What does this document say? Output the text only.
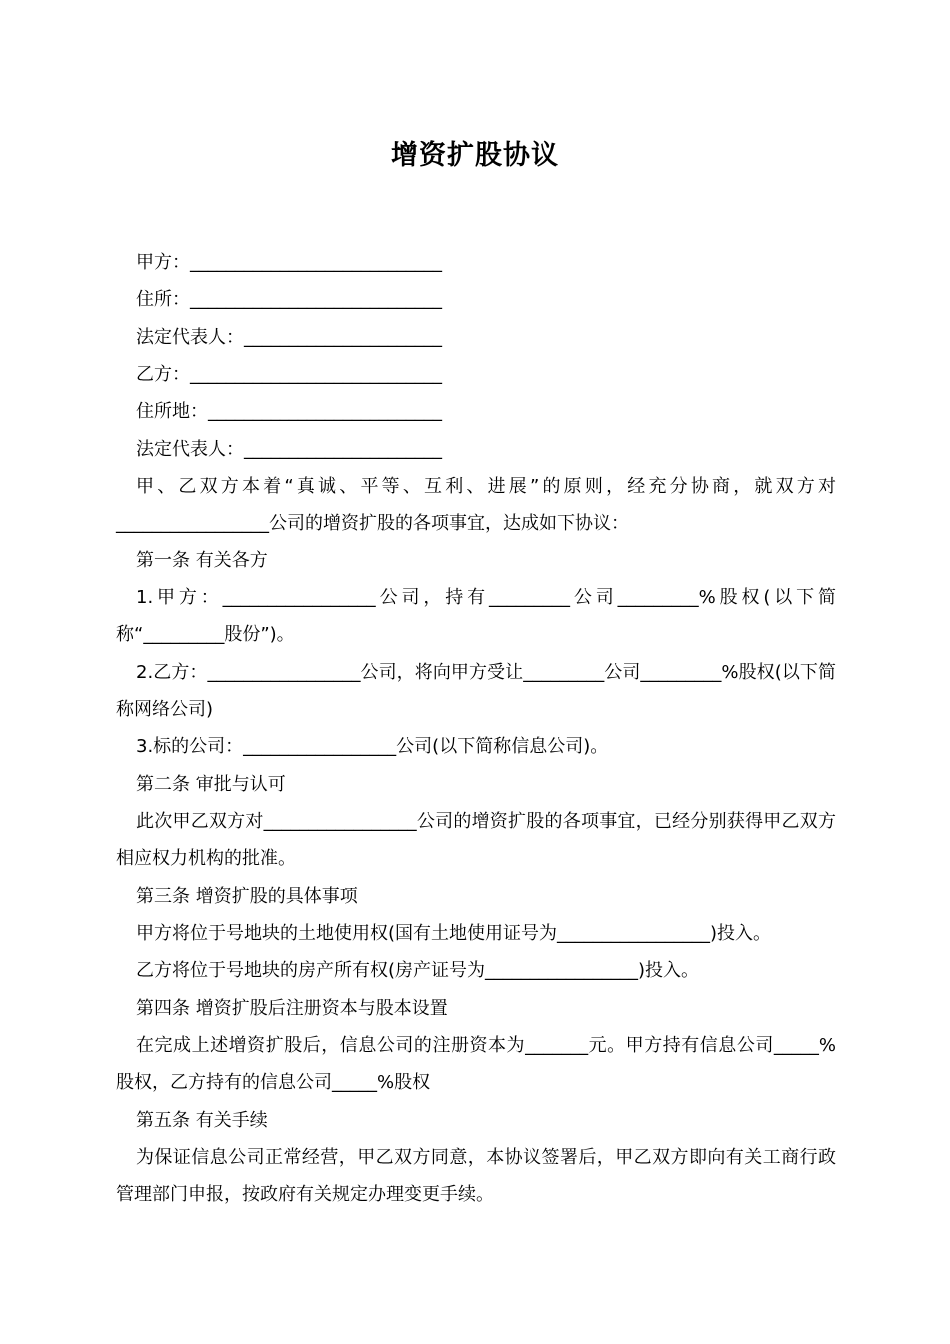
增资扩股协议
甲方：____________________________
住所：____________________________
法定代表人：______________________
乙方：____________________________
住所地：__________________________
法定代表人：______________________

甲、乙双方本着“真诚、平等、互利、进展”的原则，经充分协商，就双方对_________________公司的增资扩股的各项事宜，达成如下协议：

第一条 有关各方

1.甲方：_________________公司，持有_________公司_________%股权(以下简称“_________股份”)。

2.乙方：_________________公司，将向甲方受让_________公司_________%股权(以下简称网络公司)

3.标的公司：_________________公司(以下简称信息公司)。

第二条 审批与认可

此次甲乙双方对_________________公司的增资扩股的各项事宜，已经分别获得甲乙双方相应权力机构的批准。

第三条 增资扩股的具体事项

甲方将位于号地块的土地使用权(国有土地使用证号为_________________)投入。

乙方将位于号地块的房产所有权(房产证号为_________________)投入。

第四条 增资扩股后注册资本与股本设置

在完成上述增资扩股后，信息公司的注册资本为_______元。甲方持有信息公司_____%股权，乙方持有的信息公司_____%股权

第五条 有关手续

为保证信息公司正常经营，甲乙双方同意，本协议签署后，甲乙双方即向有关工商行政管理部门申报，按政府有关规定办理变更手续。
